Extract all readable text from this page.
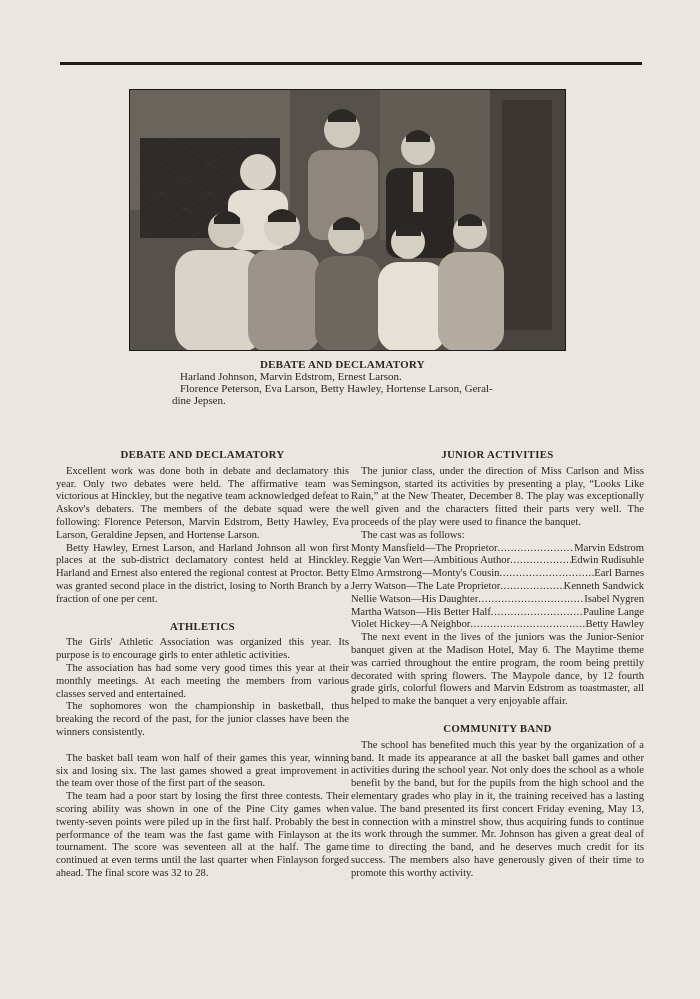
DEBATE AND DECLAMATORY
Harland Johnson, Marvin Edstrom, Ernest Larson.
Florence Peterson, Eva Larson, Betty Hawley, Hortense Larson, Geral-
dine Jepsen.
DEBATE AND DECLAMATORY

Excellent work was done both in debate and declamatory this year. Only two debates were held. The affirmative team was victorious at Hinckley, but the negative team acknowledged defeat to Askov's debaters. The members of the debate squad were the following: Florence Peterson, Marvin Edstrom, Betty Hawley, Eva Larson, Geraldine Jepsen, and Hortense Larson.

Betty Hawley, Ernest Larson, and Harland Johnson all won first places at the sub-district declamatory contest held at Hinckley. Harland and Ernest also entered the regional contest at Proctor. Betty was granted second place in the district, losing to North Branch by a fraction of one per cent.

ATHLETICS

The Girls' Athletic Association was organized this year. Its purpose is to encourage girls to enter athletic activities.

The association has had some very good times this year at their monthly meetings. At each meeting the members from various classes served and entertained.

The sophomores won the championship in basketball, thus breaking the record of the past, for the junior classes have been the winners consistently.

The basket ball team won half of their games this year, winning six and losing six. The last games showed a great improvement in the team over those of the first part of the season.

The team had a poor start by losing the first three contests. Their scoring ability was shown in one of the Pine City games when twenty-seven points were piled up in the first half. Probably the best performance of the team was the fast game with Finlayson at the tournament. The score was seventeen all at the half. The game continued at even terms until the last quarter when Finlayson forged ahead. The final score was 32 to 28.

JUNIOR ACTIVITIES

The junior class, under the direction of Miss Carlson and Miss Semingson, started its activities by presenting a play, “Looks Like Rain,” at the New Theater, December 8. The play was exceptionally well given and the characters fitted their parts very well. The proceeds of the play were used to finance the banquet.

The cast was as follows:

Monty Mansfield—The Proprietor . . .	Marvin Edstrom
Reggie Van Wert—Ambitious Author . . .	Edwin Rudisuhle
Elmo Armstrong—Monty's Cousin . . .	Earl Barnes
Jerry Watson—The Late Proprietor . . .	Kenneth Sandwick
Nellie Watson—His Daughter . . .	Isabel Nygren
Martha Watson—His Better Half . . .	Pauline Lange
Violet Hickey—A Neighbor . . .	Betty Hawley

The next event in the lives of the juniors was the Junior-Senior banquet given at the Madison Hotel, May 6. The Maytime theme was carried throughout the entire program, the room being prettily decorated with spring flowers. The Maypole dance, by 12 fourth grade girls, colorful flowers and Marvin Edstrom as toastmaster, all helped to make the banquet a very enjoyable affair.

COMMUNITY BAND

The school has benefited much this year by the organization of a band. It made its appearance at all the basket ball games and other activities during the school year. Not only does the school as a whole benefit by the band, but for the pupils from the high school and the elementary grades who play in it, the training received has a lasting value. The band presented its first concert Friday evening, May 13, in connection with a minstrel show, thus acquiring funds to continue its work through the summer. Mr. Johnson has given a great deal of time to directing the band, and he deserves much credit for its success. The members also have generously given of their time to promote this worthy activity.
